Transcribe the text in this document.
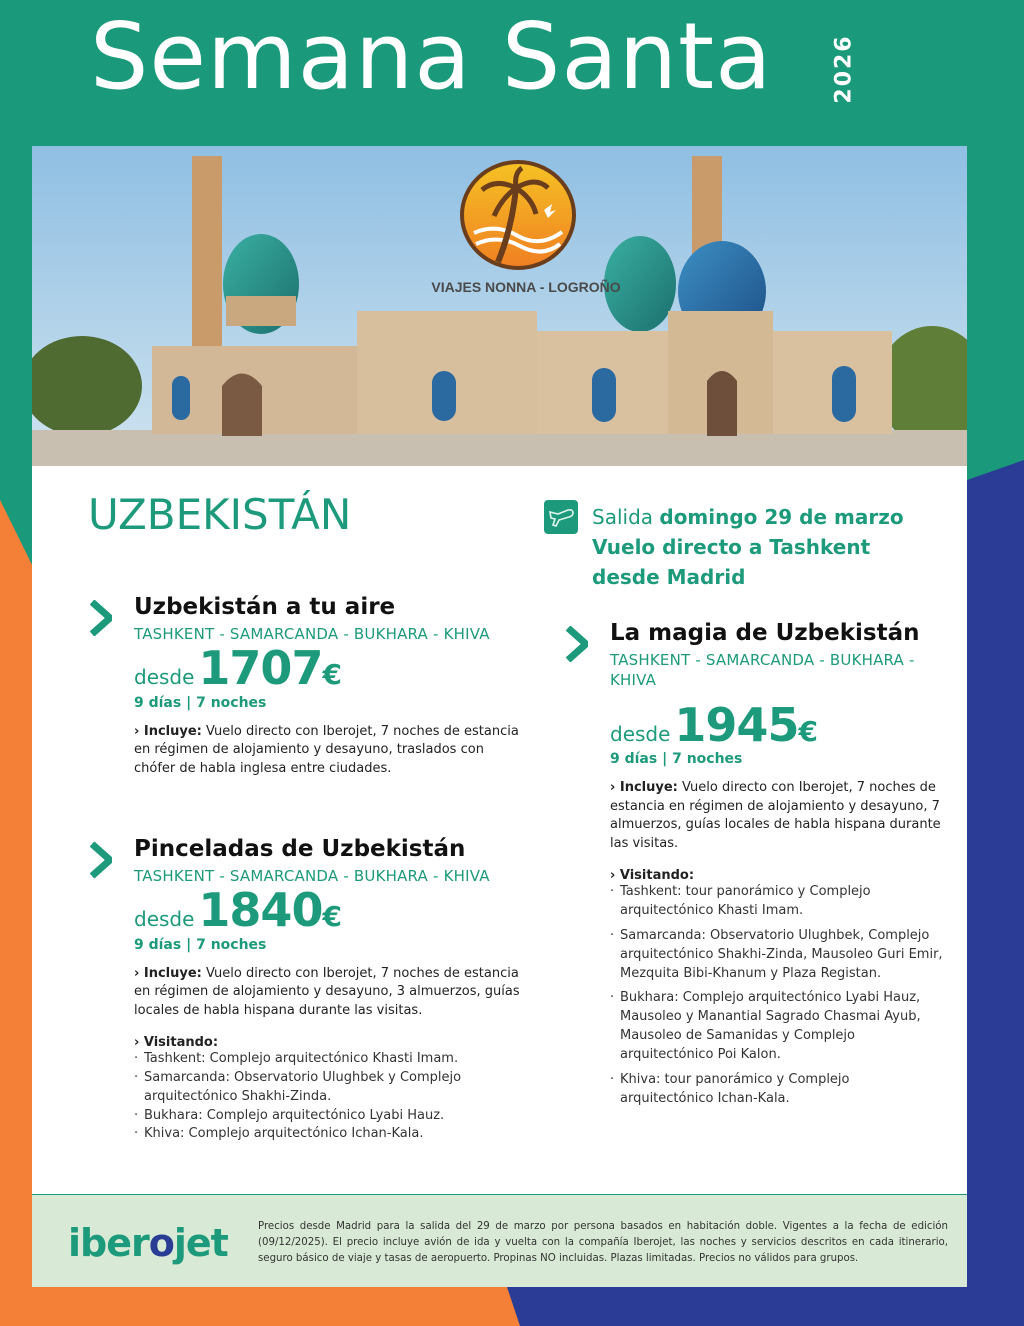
Semana Santa	2026
VIAJES NONNA - LOGROÑO
UZBEKISTÁN	Salida domingo 29 de marzo
Vuelo directo a Tashkent desde Madrid
Uzbekistán a tu aire
TASHKENT - SAMARCANDA - BUKHARA - KHIVA
desde 1707 €
9 días | 7 noches
› Incluye: Vuelo directo con Iberojet, 7 noches de estancia en régimen de alojamiento y desayuno, traslados con chófer de habla inglesa entre ciudades.
Pinceladas de Uzbekistán
TASHKENT - SAMARCANDA - BUKHARA - KHIVA
desde 1840 €
9 días | 7 noches
› Incluye: Vuelo directo con Iberojet, 7 noches de estancia en régimen de alojamiento y desayuno, 3 almuerzos, guías locales de habla hispana durante las visitas.
› Visitando:
· Tashkent: Complejo arquitectónico Khasti Imam.
· Samarcanda: Observatorio Ulughbek y Complejo arquitectónico Shakhi-Zinda.
· Bukhara: Complejo arquitectónico Lyabi Hauz.
· Khiva: Complejo arquitectónico Ichan-Kala.
La magia de Uzbekistán
TASHKENT - SAMARCANDA - BUKHARA - KHIVA
desde 1945 €
9 días | 7 noches
› Incluye: Vuelo directo con Iberojet, 7 noches de estancia en régimen de alojamiento y desayuno, 7 almuerzos, guías locales de habla hispana durante las visitas.
› Visitando:
· Tashkent: tour panorámico y Complejo arquitectónico Khasti Imam.
· Samarcanda: Observatorio Ulughbek, Complejo arquitectónico Shakhi-Zinda, Mausoleo Guri Emir, Mezquita Bibi-Khanum y Plaza Registan.
· Bukhara: Complejo arquitectónico Lyabi Hauz, Mausoleo y Manantial Sagrado Chasmai Ayub, Mausoleo de Samanidas y Complejo arquitectónico Poi Kalon.
· Khiva: tour panorámico y Complejo arquitectónico Ichan-Kala.
iberojet	Precios desde Madrid para la salida del 29 de marzo por persona basados en habitación doble. Vigentes a la fecha de edición (09/12/2025). El precio incluye avión de ida y vuelta con la compañía Iberojet, las noches y servicios descritos en cada itinerario, seguro básico de viaje y tasas de aeropuerto. Propinas NO incluidas. Plazas limitadas. Precios no válidos para grupos.
